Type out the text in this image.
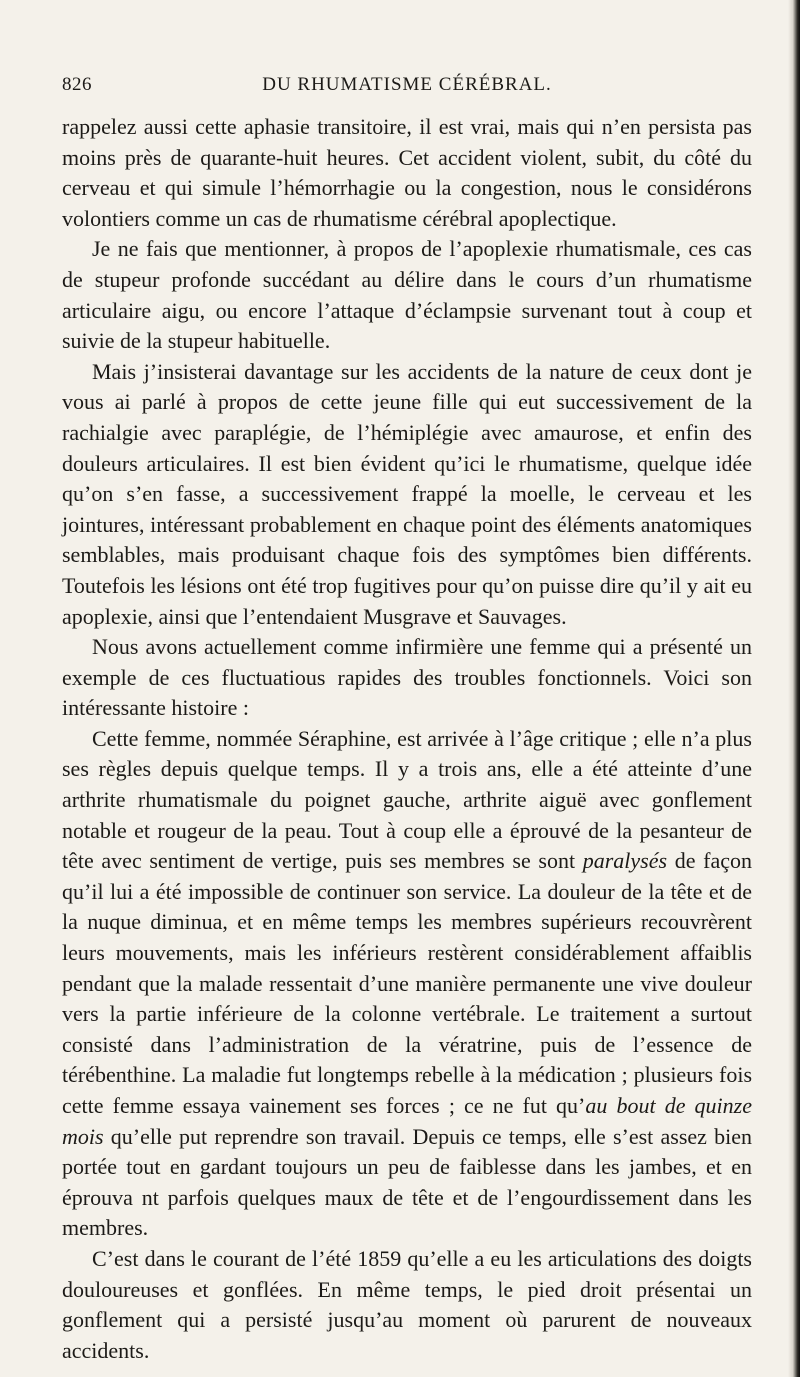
826	DU RHUMATISME CÉRÉBRAL.

rappelez aussi cette aphasie transitoire, il est vrai, mais qui n’en persista pas moins près de quarante-huit heures. Cet accident violent, subit, du côté du cerveau et qui simule l’hémorrhagie ou la congestion, nous le considérons volontiers comme un cas de rhumatisme cérébral apoplectique.

Je ne fais que mentionner, à propos de l’apoplexie rhumatismale, ces cas de stupeur profonde succédant au délire dans le cours d’un rhumatisme articulaire aigu, ou encore l’attaque d’éclampsie survenant tout à coup et suivie de la stupeur habituelle.

Mais j’insisterai davantage sur les accidents de la nature de ceux dont je vous ai parlé à propos de cette jeune fille qui eut successivement de la rachialgie avec paraplégie, de l’hémiplégie avec amaurose, et enfin des douleurs articulaires. Il est bien évident qu’ici le rhumatisme, quelque idée qu’on s’en fasse, a successivement frappé la moelle, le cerveau et les jointures, intéressant probablement en chaque point des éléments anatomiques semblables, mais produisant chaque fois des symptômes bien différents. Toutefois les lésions ont été trop fugitives pour qu’on puisse dire qu’il y ait eu apoplexie, ainsi que l’entendaient Musgrave et Sauvages.

Nous avons actuellement comme infirmière une femme qui a présenté un exemple de ces fluctuatious rapides des troubles fonctionnels. Voici son intéressante histoire :

Cette femme, nommée Séraphine, est arrivée à l’âge critique ; elle n’a plus ses règles depuis quelque temps. Il y a trois ans, elle a été atteinte d’une arthrite rhumatismale du poignet gauche, arthrite aiguë avec gonflement notable et rougeur de la peau. Tout à coup elle a éprouvé de la pesanteur de tête avec sentiment de vertige, puis ses membres se sont paralysés de façon qu’il lui a été impossible de continuer son service. La douleur de la tête et de la nuque diminua, et en même temps les membres supérieurs recouvrèrent leurs mouvements, mais les inférieurs restèrent considérablement affaiblis pendant que la malade ressentait d’une manière permanente une vive douleur vers la partie inférieure de la colonne vertébrale. Le traitement a surtout consisté dans l’administration de la vératrine, puis de l’essence de térébenthine. La maladie fut longtemps rebelle à la médication ; plusieurs fois cette femme essaya vainement ses forces ; ce ne fut qu’au bout de quinze mois qu’elle put reprendre son travail. Depuis ce temps, elle s’est assez bien portée tout en gardant toujours un peu de faiblesse dans les jambes, et en éprouva nt parfois quelques maux de tête et de l’engourdissement dans les membres.

C’est dans le courant de l’été 1859 qu’elle a eu les articulations des doigts douloureuses et gonflées. En même temps, le pied droit présentai un gonflement qui a persisté jusqu’au moment où parurent de nouveaux accidents.
